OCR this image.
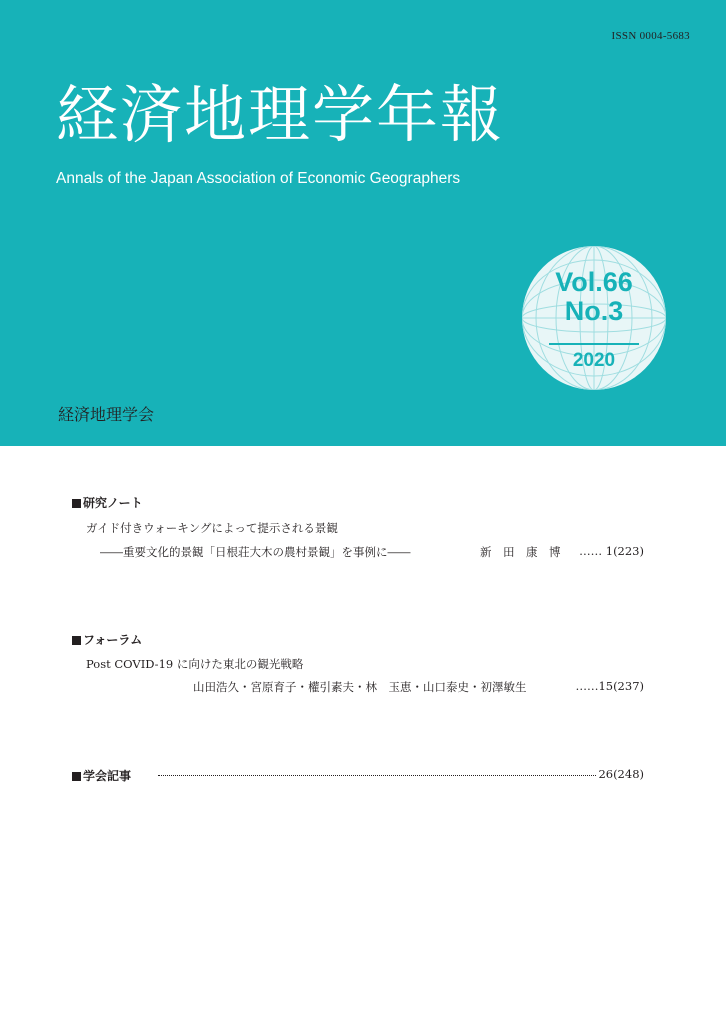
ISSN 0004-5683
経済地理学年報
Annals of the Japan Association of Economic Geographers
Vol.66
No.3
2020
経済地理学会
研究ノート
ガイド付きウォーキングによって提示される景観
――重要文化的景観「日根荘大木の農村景観」を事例に――	新　田　康　博 …… 1(223)
フォーラム
Post COVID-19 に向けた東北の観光戦略
山田浩久・宮原育子・權引素夫・林　玉恵・山口泰史・初澤敏生	……15(237)
学会記事	26(248)
